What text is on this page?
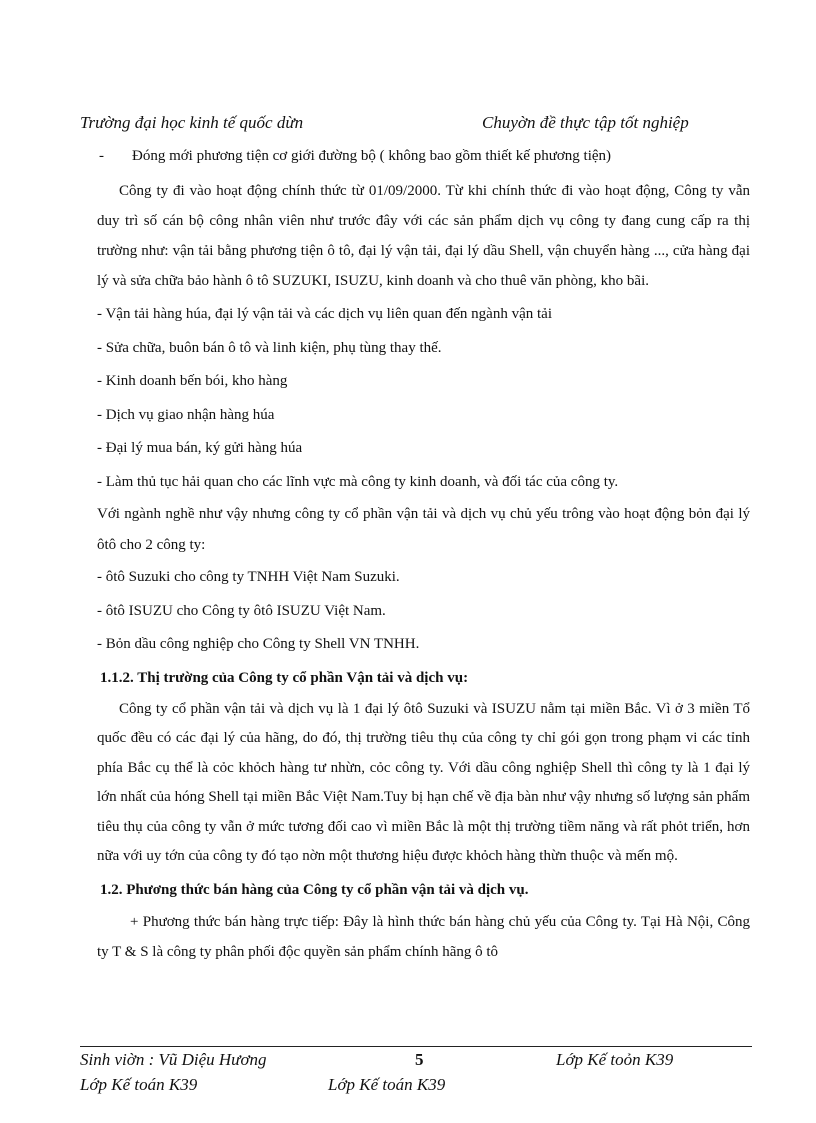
Trường đại học kinh tế quốc dừn	Chuyờn đề thực tập tốt nghiệp
-	Đóng mới phương tiện cơ giới đường bộ ( không bao gồm thiết kế phương tiện)

Công ty đi vào hoạt động chính thức từ 01/09/2000. Từ khi chính thức đi vào hoạt động, Công ty vẫn duy trì số cán bộ công nhân viên như trước đây với các sản phẩm dịch vụ công ty đang cung cấp ra thị trường như: vận tải bằng phương tiện ô tô, đại lý vận tải, đại lý dầu Shell, vận chuyển hàng ..., cửa hàng đại lý và sửa chữa bảo hành ô tô SUZUKI, ISUZU, kinh doanh và cho thuê văn phòng, kho bãi.

- Vận tải hàng húa, đại lý vận tải và các dịch vụ liên quan đến ngành vận tải

- Sửa chữa, buôn bán ô tô và linh kiện, phụ tùng thay thế.

- Kinh doanh bến bói, kho hàng

- Dịch vụ giao nhận hàng húa

- Đại lý mua bán, ký gửi hàng húa

- Làm thủ tục hải quan cho các lĩnh vực mà công ty kinh doanh, và đối tác của công ty.

Với ngành nghề như vậy nhưng công ty cổ phần vận tải và dịch vụ chủ yếu trông vào hoạt động bỏn đại lý ôtô cho 2 công ty:

- ôtô Suzuki cho công ty TNHH Việt Nam Suzuki.

- ôtô ISUZU cho Công ty ôtô ISUZU Việt Nam.

- Bỏn dầu công nghiệp cho Công ty Shell VN TNHH.

1.1.2. Thị trường của Công ty cổ phần Vận tải và dịch vụ:

Công ty cổ phần vận tải và dịch vụ là 1 đại lý ôtô Suzuki và ISUZU nằm tại miền Bắc. Vì ở 3 miền Tổ quốc đều có các đại lý của hãng, do đó, thị trường tiêu thụ của công ty chỉ gói gọn trong phạm vi các tỉnh phía Bắc cụ thể là cỏc khỏch hàng tư nhừn, cỏc công ty. Với dầu công nghiệp Shell thì công ty là 1 đại lý lớn nhất của hóng Shell tại miền Bắc Việt Nam.Tuy bị hạn chế về địa bàn như vậy nhưng số lượng sản phẩm tiêu thụ của công ty vẫn ở mức tương đối cao vì miền Bắc là một thị trường tiềm năng và rất phỏt triển, hơn nữa với uy tớn của công ty đó tạo nờn một thương hiệu được khỏch hàng thừn thuộc và mến mộ.

1.2. Phương thức bán hàng của Công ty cổ phần vận tải và dịch vụ.

+ Phương thức bán hàng trực tiếp: Đây là hình thức bán hàng chủ yếu của Công ty. Tại Hà Nội, Công ty T & S là công ty phân phối độc quyền sản phẩm chính hãng ô tô

Sinh viờn : Vũ Diệu Hương	5	Lớp Kế toỏn K39
Lớp Kế toán K39	Lớp Kế toán K39
